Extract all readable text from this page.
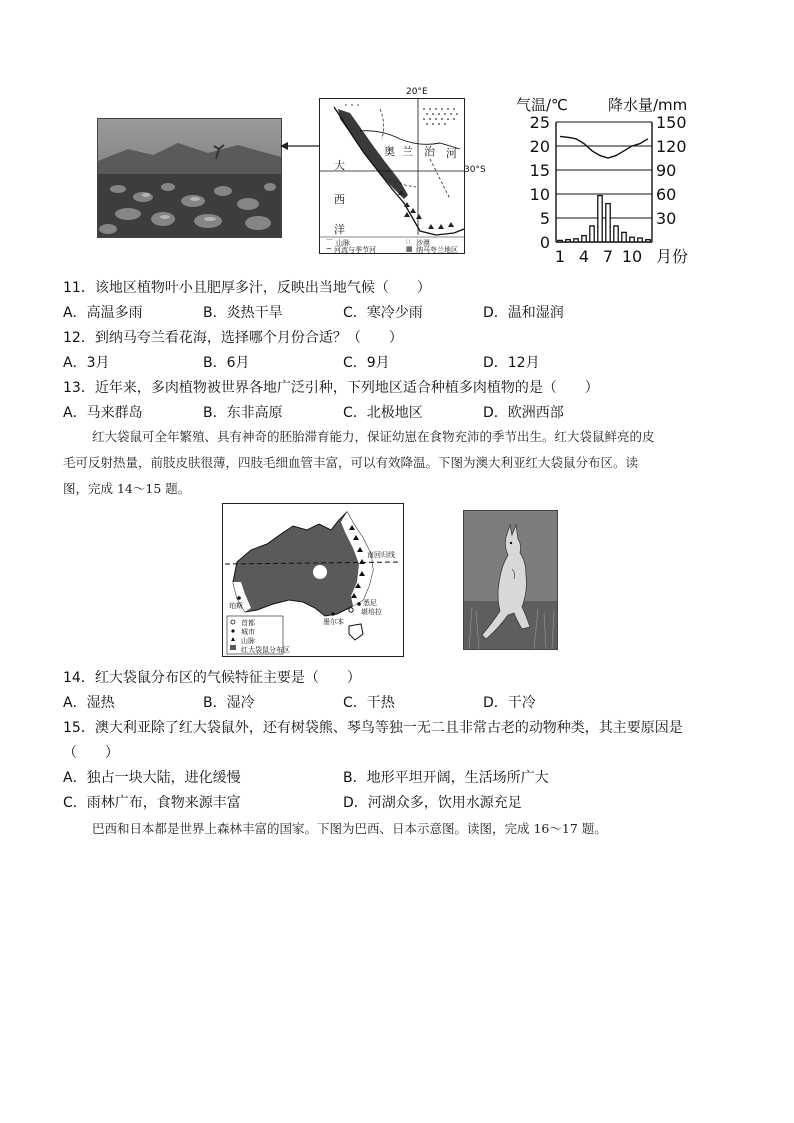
20°E
30°S
大
西
洋
奥 兰 治 河
⌒ 山脉	∷ 沙漠
~ 河流与季节河	▦ 纳马夸兰地区
气温/℃	降水量/mm
0
5
10
15
20
25
30
60
90
120
150
1 4 7 10 月份
11．该地区植物叶小且肥厚多汁，反映出当地气候（　　）
A．高温多雨	B．炎热干旱	C．寒冷少雨	D．温和湿润
12．到纳马夸兰看花海，选择哪个月份合适？（　　）
A．3月	B．6月	C．9月	D．12月
13．近年来，多肉植物被世界各地广泛引种，下列地区适合种植多肉植物的是（　　）
A．马来群岛	B．东非高原	C．北极地区	D．欧洲西部
红大袋鼠可全年繁殖、具有神奇的胚胎滞育能力，保证幼崽在食物充沛的季节出生。红大袋鼠鲜亮的皮
毛可反射热量，前肢皮肤很薄，四肢毛细血管丰富，可以有效降温。下图为澳大利亚红大袋鼠分布区。读
图，完成 14～15 题。
南回归线
珀斯
墨尔本
悉尼
堪培拉
首都
城市
山脉
红大袋鼠分布区
14．红大袋鼠分布区的气候特征主要是（　　）
A．湿热	B．湿冷	C．干热	D．干冷
15．澳大利亚除了红大袋鼠外，还有树袋熊、琴鸟等独一无二且非常古老的动物种类，其主要原因是
（　　）
A．独占一块大陆，进化缓慢	B．地形平坦开阔，生活场所广大
C．雨林广布，食物来源丰富	D．河湖众多，饮用水源充足
巴西和日本都是世界上森林丰富的国家。下图为巴西、日本示意图。读图，完成 16～17 题。
